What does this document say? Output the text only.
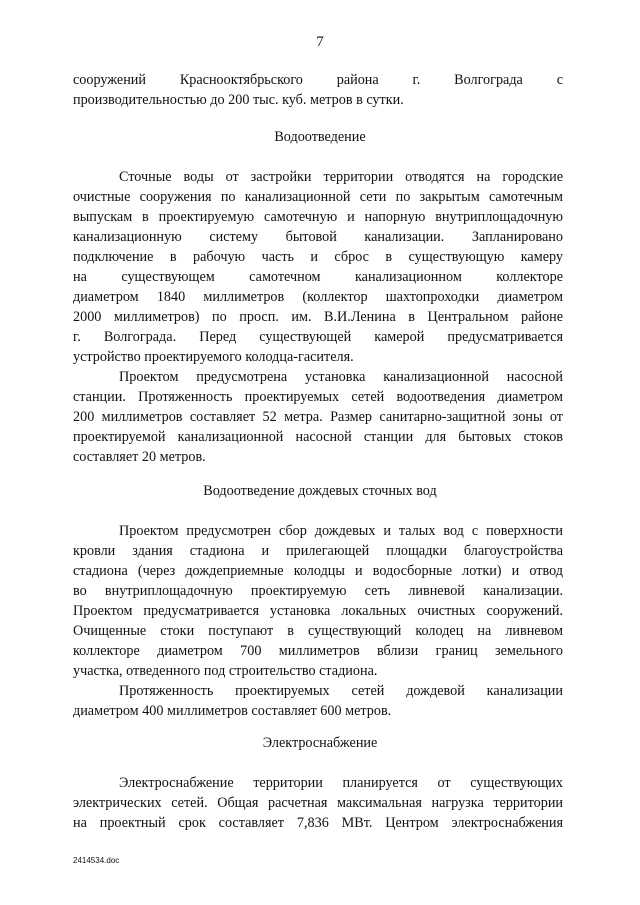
7
сооружений Краснооктябрьского района г. Волгограда с
производительностью до 200 тыс. куб. метров в сутки.
Водоотведение
Сточные воды от застройки территории отводятся на городские
очистные сооружения по канализационной сети по закрытым самотечным
выпускам в проектируемую самотечную и напорную внутриплощадочную
канализационную систему бытовой канализации. Запланировано
подключение в рабочую часть и сброс в существующую камеру
на существующем самотечном канализационном коллекторе
диаметром 1840 миллиметров (коллектор шахтопроходки диаметром
2000 миллиметров) по просп. им. В.И.Ленина в Центральном районе
г. Волгограда. Перед существующей камерой предусматривается
устройство проектируемого колодца-гасителя.
Проектом предусмотрена установка канализационной насосной
станции. Протяженность проектируемых сетей водоотведения диаметром
200 миллиметров составляет 52 метра. Размер санитарно-защитной зоны от
проектируемой канализационной насосной станции для бытовых стоков
составляет 20 метров.
Водоотведение дождевых сточных вод
Проектом предусмотрен сбор дождевых и талых вод с поверхности
кровли здания стадиона и прилегающей площадки благоустройства
стадиона (через дождеприемные колодцы и водосборные лотки) и отвод
во внутриплощадочную проектируемую сеть ливневой канализации.
Проектом предусматривается установка локальных очистных сооружений.
Очищенные стоки поступают в существующий колодец на ливневом
коллекторе диаметром 700 миллиметров вблизи границ земельного
участка, отведенного под строительство стадиона.
Протяженность проектируемых сетей дождевой канализации
диаметром 400 миллиметров составляет 600 метров.
Электроснабжение
Электроснабжение территории планируется от существующих
электрических сетей. Общая расчетная максимальная нагрузка территории
на проектный срок составляет 7,836 МВт. Центром электроснабжения
2414534.doc
